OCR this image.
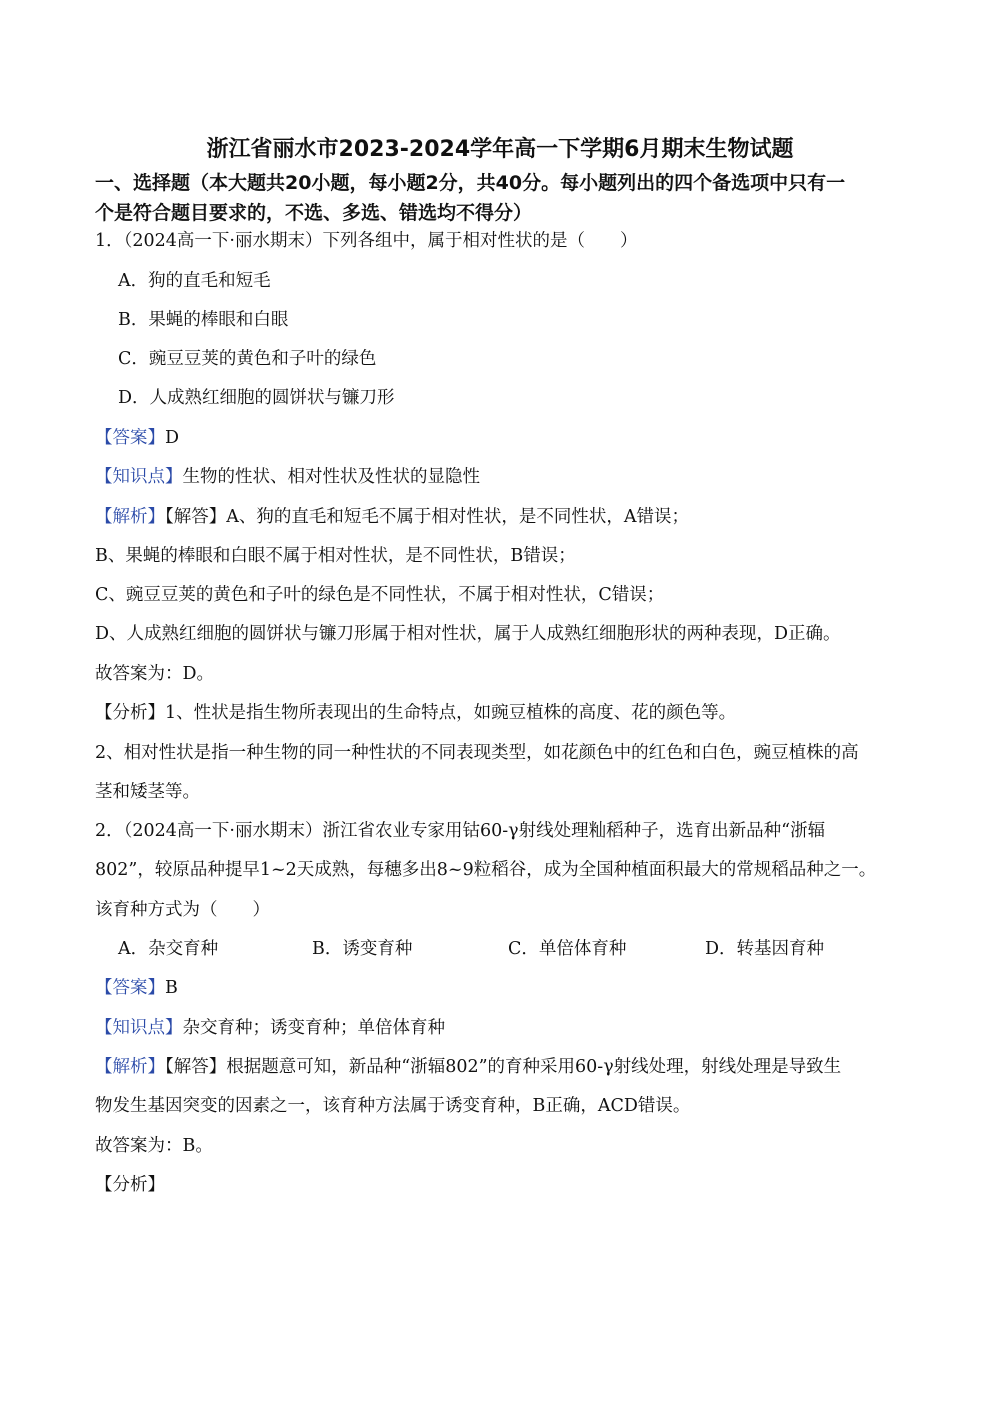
浙江省丽水市2023-2024学年高一下学期6月期末生物试题
一、选择题（本大题共20小题，每小题2分，共40分。每小题列出的四个备选项中只有一
个是符合题目要求的，不选、多选、错选均不得分）
1．（2024高一下·丽水期末）下列各组中，属于相对性状的是（　　）
A．狗的直毛和短毛
B．果蝇的棒眼和白眼
C．豌豆豆荚的黄色和子叶的绿色
D．人成熟红细胞的圆饼状与镰刀形
【答案】D
【知识点】生物的性状、相对性状及性状的显隐性
【解析】【解答】A、狗的直毛和短毛不属于相对性状，是不同性状，A错误；
B、果蝇的棒眼和白眼不属于相对性状，是不同性状，B错误；
C、豌豆豆荚的黄色和子叶的绿色是不同性状，不属于相对性状，C错误；
D、人成熟红细胞的圆饼状与镰刀形属于相对性状，属于人成熟红细胞形状的两种表现，D正确。
故答案为：D。
【分析】1、性状是指生物所表现出的生命特点，如豌豆植株的高度、花的颜色等。
2、相对性状是指一种生物的同一种性状的不同表现类型，如花颜色中的红色和白色，豌豆植株的高
茎和矮茎等。
2．（2024高一下·丽水期末）浙江省农业专家用钴60-γ射线处理籼稻种子，选育出新品种“浙辐
802”，较原品种提早1~2天成熟，每穗多出8~9粒稻谷，成为全国种植面积最大的常规稻品种之一。
该育种方式为（　　）
A．杂交育种	B．诱变育种	C．单倍体育种	D．转基因育种
【答案】B
【知识点】杂交育种；诱变育种；单倍体育种
【解析】【解答】根据题意可知，新品种“浙辐802”的育种采用60-γ射线处理，射线处理是导致生
物发生基因突变的因素之一，该育种方法属于诱变育种，B正确，ACD错误。
故答案为：B。
【分析】
